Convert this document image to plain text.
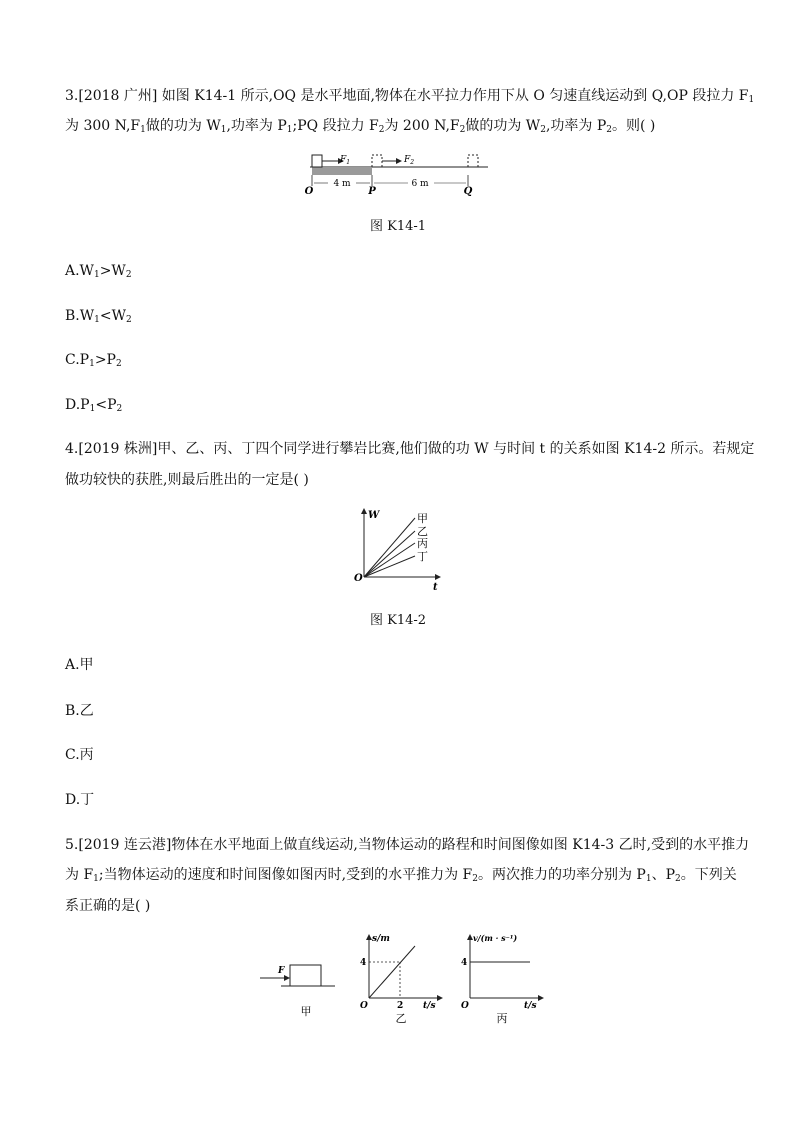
3.[2018 广州] 如图 K14-1 所示,OQ 是水平地面,物体在水平拉力作用下从 O 匀速直线运动到 Q,OP 段拉力 $F_1$
为 300 $N,F_1$做的功为 $W_1$,功率为 $P_1;PQ$ 段拉力 $F_2$为 200 $N,F_2$做的功为 $W_2$,功率为 $P_2$。则( )
$F_1$	$F_2$
4 m	6 m
O	P	Q
图 K14-1
$A.W_1>W_2$
$B.W_1<W_2$
$C.P_1>P_2$
$D.P_1<P_2$
4.[2019 株洲]甲、乙、丙、丁四个同学进行攀岩比赛,他们做的功 W 与时间 t 的关系如图 K14-2 所示。若规定
做功较快的获胜,则最后胜出的一定是( )
甲
乙
丙
丁
W
t
O
图 K14-2
A.甲
B.乙
C.丙
D.丁
5.[2019 连云港]物体在水平地面上做直线运动,当物体运动的路程和时间图像如图 K14-3 乙时,受到的水平推力
为 $F_1$;当物体运动的速度和时间图像如图丙时,受到的水平推力为 $F_2$。两次推力的功率分别为 $P_1$、$P_2$。下列关
系正确的是( )
F
甲
s/m
t/s
4
2
O
乙
v/(m · s⁻¹)
t/s
4
O
丙
